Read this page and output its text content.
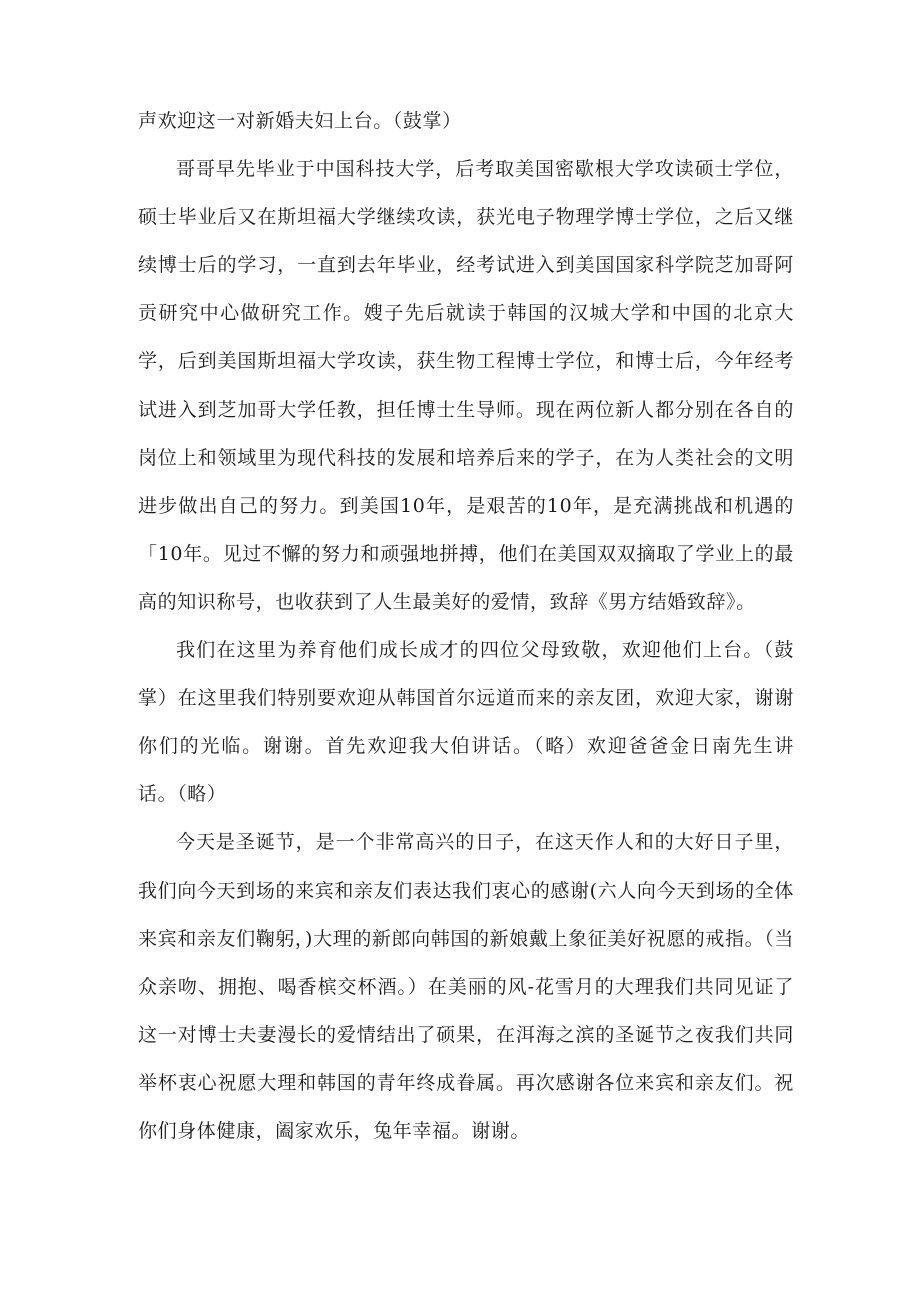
声欢迎这一对新婚夫妇上台。（鼓掌）

哥哥早先毕业于中国科技大学，后考取美国密歇根大学攻读硕士学位，硕士毕业后又在斯坦福大学继续攻读，获光电子物理学博士学位，之后又继续博士后的学习，一直到去年毕业，经考试进入到美国国家科学院芝加哥阿贡研究中心做研究工作。嫂子先后就读于韩国的汉城大学和中国的北京大学，后到美国斯坦福大学攻读，获生物工程博士学位，和博士后，今年经考试进入到芝加哥大学任教，担任博士生导师。现在两位新人都分别在各自的岗位上和领域里为现代科技的发展和培养后来的学子，在为人类社会的文明进步做出自己的努力。到美国10年，是艰苦的10年，是充满挑战和机遇的「10年。见过不懈的努力和顽强地拼搏，他们在美国双双摘取了学业上的最高的知识称号，也收获到了人生最美好的爱情，致辞《男方结婚致辞》。

我们在这里为养育他们成长成才的四位父母致敬，欢迎他们上台。（鼓掌）在这里我们特别要欢迎从韩国首尔远道而来的亲友团，欢迎大家，谢谢你们的光临。谢谢。首先欢迎我大伯讲话。（略）欢迎爸爸金日南先生讲话。（略）

今天是圣诞节，是一个非常高兴的日子，在这天作人和的大好日子里，我们向今天到场的来宾和亲友们表达我们衷心的感谢(六人向今天到场的全体来宾和亲友们鞠躬，)大理的新郎向韩国的新娘戴上象征美好祝愿的戒指。（当众亲吻、拥抱、喝香槟交杯酒。）在美丽的风-花雪月的大理我们共同见证了这一对博士夫妻漫长的爱情结出了硕果，在洱海之滨的圣诞节之夜我们共同举杯衷心祝愿大理和韩国的青年终成眷属。再次感谢各位来宾和亲友们。祝你们身体健康，阖家欢乐，兔年幸福。谢谢。
